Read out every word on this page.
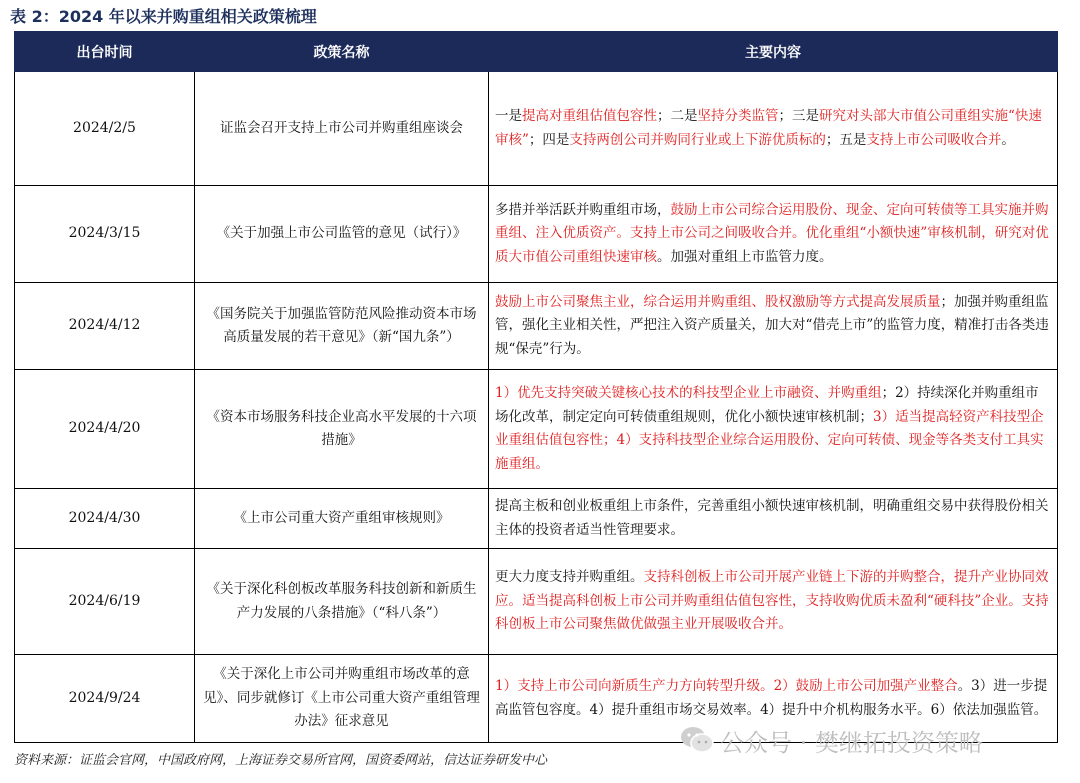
表 2：2024 年以来并购重组相关政策梳理
出台时间	政策名称	主要内容
2024/2/5	证监会召开支持上市公司并购重组座谈会	一是提高对重组估值包容性；二是坚持分类监管；三是研究对头部大市值公司重组实施“快速审核”；四是支持两创公司并购同行业或上下游优质标的；五是支持上市公司吸收合并。
2024/3/15	《关于加强上市公司监管的意见（试行）》	多措并举活跃并购重组市场，鼓励上市公司综合运用股份、现金、定向可转债等工具实施并购重组、注入优质资产。支持上市公司之间吸收合并。优化重组“小额快速”审核机制，研究对优质大市值公司重组快速审核。加强对重组上市监管力度。
2024/4/12	《国务院关于加强监管防范风险推动资本市场高质量发展的若干意见》（新“国九条”）	鼓励上市公司聚焦主业，综合运用并购重组、股权激励等方式提高发展质量；加强并购重组监管，强化主业相关性，严把注入资产质量关，加大对“借壳上市”的监管力度，精准打击各类违规“保壳”行为。
2024/4/20	《资本市场服务科技企业高水平发展的十六项措施》	1）优先支持突破关键核心技术的科技型企业上市融资、并购重组；2）持续深化并购重组市场化改革，制定定向可转债重组规则，优化小额快速审核机制；3）适当提高轻资产科技型企业重组估值包容性；4）支持科技型企业综合运用股份、定向可转债、现金等各类支付工具实施重组。
2024/4/30	《上市公司重大资产重组审核规则》	提高主板和创业板重组上市条件，完善重组小额快速审核机制，明确重组交易中获得股份相关主体的投资者适当性管理要求。
2024/6/19	《关于深化科创板改革服务科技创新和新质生产力发展的八条措施》（“科八条”）	更大力度支持并购重组。支持科创板上市公司开展产业链上下游的并购整合，提升产业协同效应。适当提高科创板上市公司并购重组估值包容性，支持收购优质未盈利“硬科技”企业。支持科创板上市公司聚焦做优做强主业开展吸收合并。
2024/9/24	《关于深化上市公司并购重组市场改革的意见》、同步就修订《上市公司重大资产重组管理办法》征求意见	1）支持上市公司向新质生产力方向转型升级。2）鼓励上市公司加强产业整合。3）进一步提高监管包容度。4）提升重组市场交易效率。4）提升中介机构服务水平。6）依法加强监管。
公众号 · 樊继拓投资策略
资料来源：证监会官网，中国政府网，上海证券交易所官网，国资委网站，信达证券研发中心
